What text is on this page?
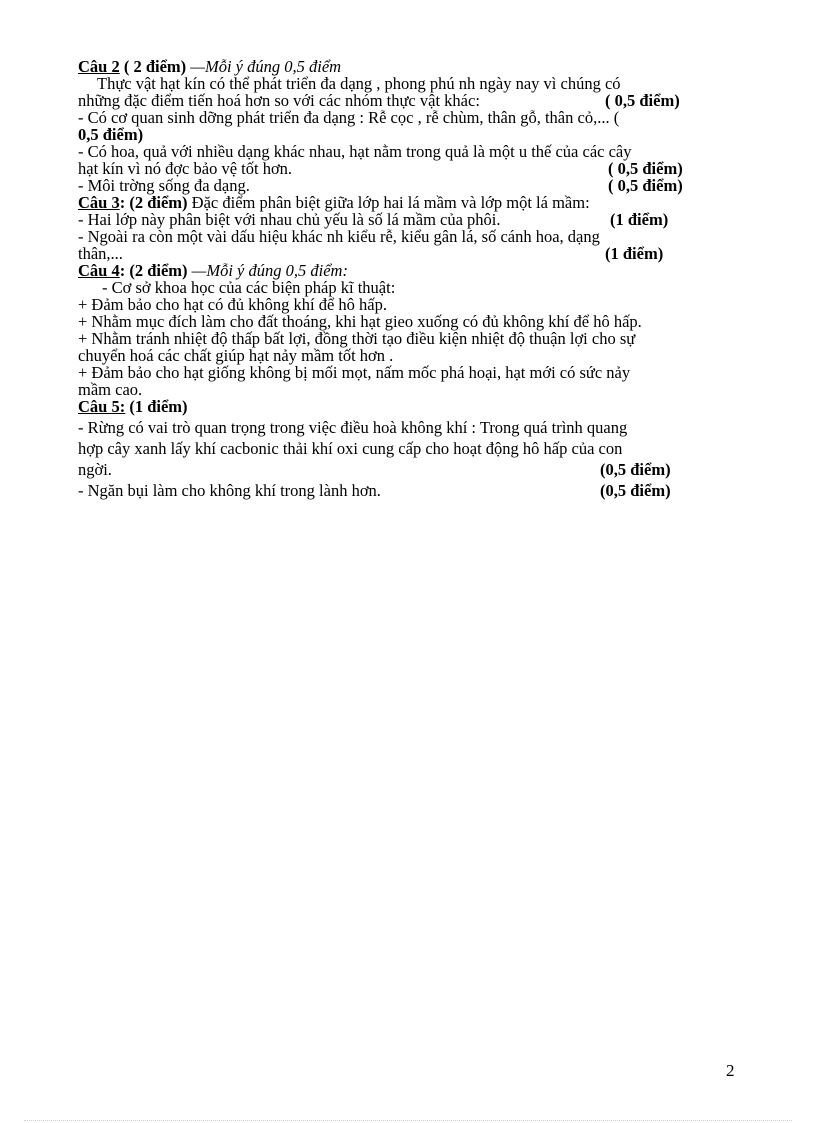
Câu 2 ( 2 điểm) —Mỗi ý đúng 0,5 điểm
Thực vật hạt kín có thể phát triển đa dạng , phong phú nh ngày nay vì chúng có
những đặc điểm tiến hoá hơn so với các nhóm thực vật khác:	( 0,5 điểm)
- Có cơ quan sinh dỡng phát triển đa dạng : Rễ cọc , rễ chùm, thân gỗ, thân cỏ,... (
0,5 điểm)
- Có hoa, quả với nhiều dạng khác nhau, hạt nằm trong quả là một u thế của các cây
hạt kín vì nó đợc bảo vệ tốt hơn.	( 0,5 điểm)
- Môi trờng sống đa dạng.	( 0,5 điểm)
Câu 3: (2 điểm) Đặc điểm phân biệt giữa lớp hai lá mầm và lớp một lá mầm:
- Hai lớp này phân biệt với nhau chủ yếu là số lá mầm của phôi.	(1 điểm)
- Ngoài ra còn một vài dấu hiệu khác nh kiểu rễ, kiểu gân lá, số cánh hoa, dạng
thân,...	(1 điểm)
Câu 4: (2 điểm) —Mỗi ý đúng 0,5 điểm:
- Cơ sở khoa học của các biện pháp kĩ thuật:
+ Đảm bảo cho hạt có đủ không khí để hô hấp.
+ Nhằm mục đích làm cho đất thoáng, khi hạt gieo xuống có đủ không khí để hô hấp.
+ Nhằm tránh nhiệt độ thấp bất lợi, đồng thời tạo điều kiện nhiệt độ thuận lợi cho sự
chuyển hoá các chất giúp hạt nảy mầm tốt hơn .
+ Đảm bảo cho hạt giống không bị mối mọt, nấm mốc phá hoại, hạt mới có sức nảy
mầm cao.
Câu 5: (1 điểm)
- Rừng có vai trò quan trọng trong việc điều hoà không khí : Trong quá trình quang
hợp cây xanh lấy khí cacbonic thải khí oxi cung cấp cho hoạt động hô hấp của con
ngời.	(0,5 điểm)
- Ngăn bụi làm cho không khí trong lành hơn.	(0,5 điểm)
2
